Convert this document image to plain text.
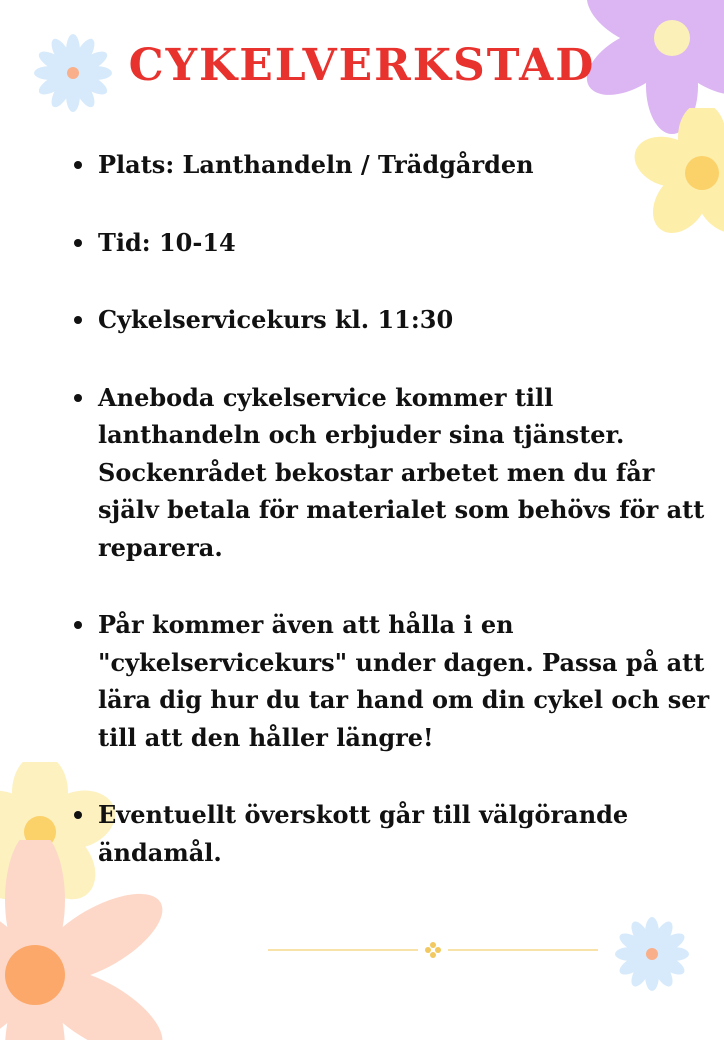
CYKELVERKSTAD
Plats: Lanthandeln / Trädgården
Tid: 10-14
Cykelservicekurs kl. 11:30
Aneboda cykelservice kommer till lanthandeln och erbjuder sina tjänster. Sockenrådet bekostar arbetet men du får själv betala för materialet som behövs för att reparera.
Pår kommer även att hålla i en "cykelservicekurs" under dagen. Passa på att lära dig hur du tar hand om din cykel och ser till att den håller längre!
Eventuellt överskott går till välgörande ändamål.
